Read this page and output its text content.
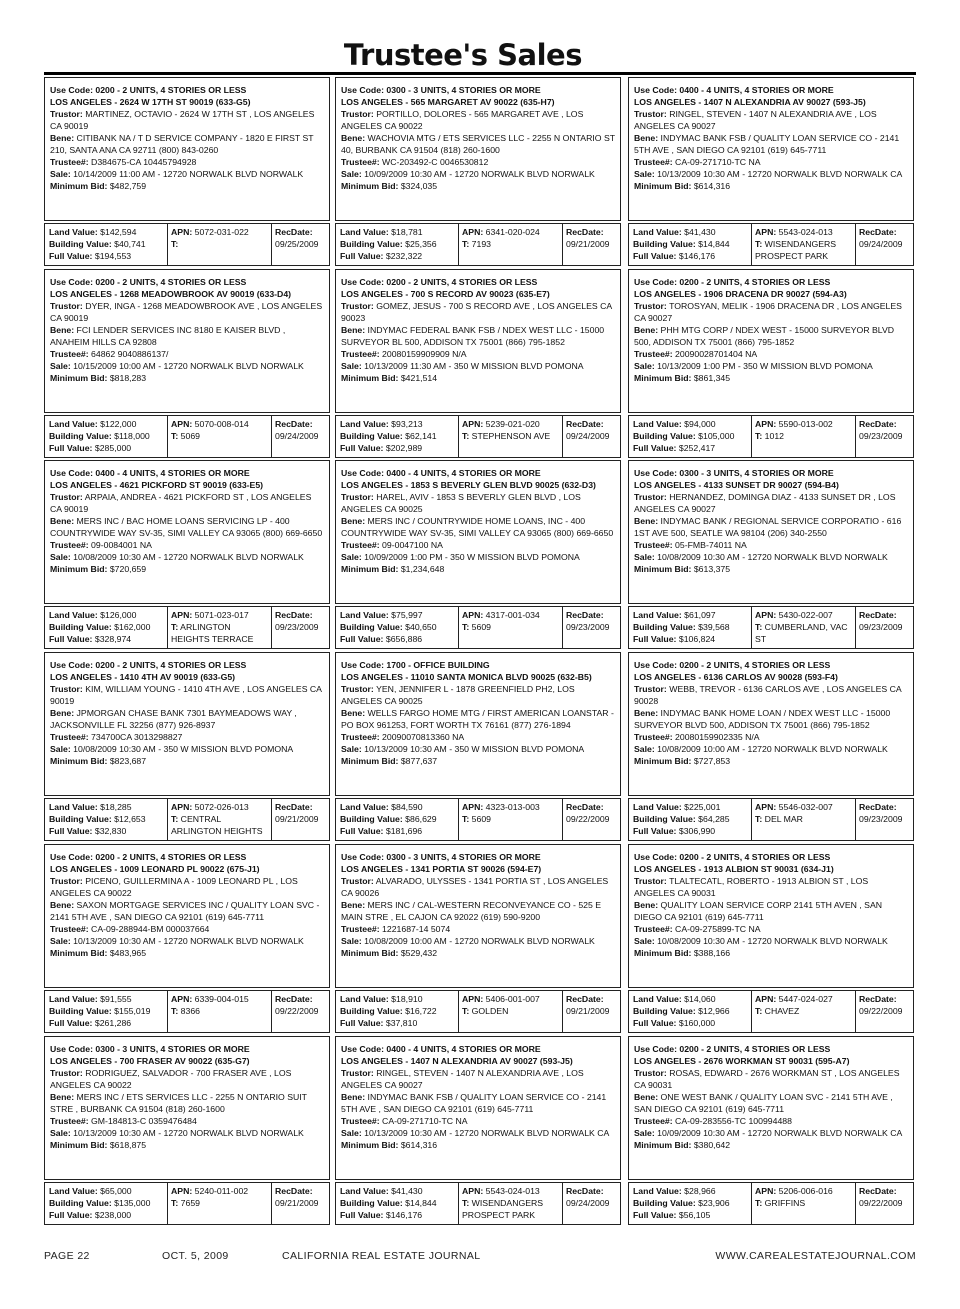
Trustee's Sales
Use Code: 0200 - 2 UNITS, 4 STORIES OR LESS
LOS ANGELES - 2624 W 17TH ST 90019 (633-G5)
Trustor: MARTINEZ, OCTAVIO - 2624 W 17TH ST , LOS ANGELES CA 90019
Bene: CITIBANK NA / T D SERVICE COMPANY - 1820 E FIRST ST 210, SANTA ANA CA 92711 (800) 843-0260
Trustee#: D384675-CA 10445794928
Sale: 10/14/2009 11:00 AM - 12720 NORWALK BLVD NORWALK
Minimum Bid: $482,759
Land Value: $142,594
Building Value: $40,741
Full Value: $194,553
APN: 5072-031-022
T:
RecDate:
09/25/2009
Use Code: 0300 - 3 UNITS, 4 STORIES OR MORE
LOS ANGELES - 565 MARGARET AV 90022 (635-H7)
Trustor: PORTILLO, DOLORES - 565 MARGARET AVE , LOS ANGELES CA 90022
Bene: WACHOVIA MTG / ETS SERVICES LLC - 2255 N ONTARIO ST 40, BURBANK CA 91504 (818) 260-1600
Trustee#: WC-203492-C 0046530812
Sale: 10/09/2009 10:30 AM - 12720 NORWALK BLVD NORWALK
Minimum Bid: $324,035
Land Value: $18,781
Building Value: $25,356
Full Value: $232,322
APN: 6341-020-024
T: 7193
RecDate:
09/21/2009
Use Code: 0400 - 4 UNITS, 4 STORIES OR MORE
LOS ANGELES - 1407 N ALEXANDRIA AV 90027 (593-J5)
Trustor: RINGEL, STEVEN - 1407 N ALEXANDRIA AVE , LOS ANGELES CA 90027
Bene: INDYMAC BANK FSB / QUALITY LOAN SERVICE CO - 2141 5TH AVE , SAN DIEGO CA 92101 (619) 645-7711
Trustee#: CA-09-271710-TC NA
Sale: 10/13/2009 10:30 AM - 12720 NORWALK BLVD NORWALK CA
Minimum Bid: $614,316
Land Value: $41,430
Building Value: $14,844
Full Value: $146,176
APN: 5543-024-013
T: WISENDANGERS PROSPECT PARK
RecDate:
09/24/2009
Use Code: 0200 - 2 UNITS, 4 STORIES OR LESS
LOS ANGELES - 1268 MEADOWBROOK AV 90019 (633-D4)
Trustor: DYER, INGA - 1268 MEADOWBROOK AVE , LOS ANGELES CA 90019
Bene: FCI LENDER SERVICES INC 8180 E KAISER BLVD , ANAHEIM HILLS CA 92808
Trustee#: 64862 9040886137/
Sale: 10/15/2009 10:00 AM - 12720 NORWALK BLVD NORWALK
Minimum Bid: $818,283
Land Value: $122,000
Building Value: $118,000
Full Value: $285,000
APN: 5070-008-014
T: 5069
RecDate:
09/24/2009
Use Code: 0200 - 2 UNITS, 4 STORIES OR LESS
LOS ANGELES - 700 S RECORD AV 90023 (635-E7)
Trustor: GOMEZ, JESUS - 700 S RECORD AVE , LOS ANGELES CA 90023
Bene: INDYMAC FEDERAL BANK FSB / NDEX WEST LLC - 15000 SURVEYOR BL 500, ADDISON TX 75001 (866) 795-1852
Trustee#: 20080159909909 N/A
Sale: 10/13/2009 11:30 AM - 350 W MISSION BLVD POMONA
Minimum Bid: $421,514
Land Value: $93,213
Building Value: $62,141
Full Value: $202,989
APN: 5239-021-020
T: STEPHENSON AVE
RecDate:
09/24/2009
Use Code: 0200 - 2 UNITS, 4 STORIES OR LESS
LOS ANGELES - 1906 DRACENA DR 90027 (594-A3)
Trustor: TOROSYAN, MELIK - 1906 DRACENA DR , LOS ANGELES CA 90027
Bene: PHH MTG CORP / NDEX WEST - 15000 SURVEYOR BLVD 500, ADDISON TX 75001 (866) 795-1852
Trustee#: 20090028701404 NA
Sale: 10/13/2009 1:00 PM - 350 W MISSION BLVD POMONA
Minimum Bid: $861,345
Land Value: $94,000
Building Value: $105,000
Full Value: $252,417
APN: 5590-013-002
T: 1012
RecDate:
09/23/2009
Use Code: 0400 - 4 UNITS, 4 STORIES OR MORE
LOS ANGELES - 4621 PICKFORD ST 90019 (633-E5)
Trustor: ARPAIA, ANDREA - 4621 PICKFORD ST , LOS ANGELES CA 90019
Bene: MERS INC / BAC HOME LOANS SERVICING LP - 400 COUNTRYWIDE WAY SV-35, SIMI VALLEY CA 93065 (800) 669-6650
Trustee#: 09-0084001 NA
Sale: 10/08/2009 10:30 AM - 12720 NORWALK BLVD NORWALK
Minimum Bid: $720,659
Land Value: $126,000
Building Value: $162,000
Full Value: $328,974
APN: 5071-023-017
T: ARLINGTON HEIGHTS TERRACE
RecDate:
09/23/2009
Use Code: 0400 - 4 UNITS, 4 STORIES OR MORE
LOS ANGELES - 1853 S BEVERLY GLEN BLVD 90025 (632-D3)
Trustor: HAREL, AVIV - 1853 S BEVERLY GLEN BLVD , LOS ANGELES CA 90025
Bene: MERS INC / COUNTRYWIDE HOME LOANS, INC - 400 COUNTRYWIDE WAY SV-35, SIMI VALLEY CA 93065 (800) 669-6650
Trustee#: 09-0047100 NA
Sale: 10/09/2009 1:00 PM - 350 W MISSION BLVD POMONA
Minimum Bid: $1,234,648
Land Value: $75,997
Building Value: $40,650
Full Value: $656,886
APN: 4317-001-034
T: 5609
RecDate:
09/23/2009
Use Code: 0300 - 3 UNITS, 4 STORIES OR MORE
LOS ANGELES - 4133 SUNSET DR 90027 (594-B4)
Trustor: HERNANDEZ, DOMINGA DIAZ - 4133 SUNSET DR , LOS ANGELES CA 90027
Bene: INDYMAC BANK / REGIONAL SERVICE CORPORATIO - 616 1ST AVE 500, SEATLE WA 98104 (206) 340-2550
Trustee#: 05-FMB-74011 NA
Sale: 10/08/2009 10:30 AM - 12720 NORWALK BLVD NORWALK
Minimum Bid: $613,375
Land Value: $61,097
Building Value: $39,568
Full Value: $106,824
APN: 5430-022-007
T: CUMBERLAND, VAC ST
RecDate:
09/23/2009
Use Code: 0200 - 2 UNITS, 4 STORIES OR LESS
LOS ANGELES - 1410 4TH AV 90019 (633-G5)
Trustor: KIM, WILLIAM YOUNG - 1410 4TH AVE , LOS ANGELES CA 90019
Bene: JPMORGAN CHASE BANK 7301 BAYMEADOWS WAY , JACKSONVILLE FL 32256 (877) 926-8937
Trustee#: 734700CA 3013298827
Sale: 10/08/2009 10:30 AM - 350 W MISSION BLVD POMONA
Minimum Bid: $823,687
Land Value: $18,285
Building Value: $12,653
Full Value: $32,830
APN: 5072-026-013
T: CENTRAL ARLINGTON HEIGHTS
RecDate:
09/21/2009
Use Code: 1700 - OFFICE BUILDING
LOS ANGELES - 11010 SANTA MONICA BLVD 90025 (632-B5)
Trustor: YEN, JENNIFER L - 1878 GREENFIELD PH2, LOS ANGELES CA 90025
Bene: WELLS FARGO HOME MTG / FIRST AMERICAN LOANSTAR - PO BOX 961253, FORT WORTH TX 76161 (877) 276-1894
Trustee#: 20090070813360 NA
Sale: 10/13/2009 10:30 AM - 350 W MISSION BLVD POMONA
Minimum Bid: $877,637
Land Value: $84,590
Building Value: $86,629
Full Value: $181,696
APN: 4323-013-003
T: 5609
RecDate:
09/22/2009
Use Code: 0200 - 2 UNITS, 4 STORIES OR LESS
LOS ANGELES - 6136 CARLOS AV 90028 (593-F4)
Trustor: WEBB, TREVOR - 6136 CARLOS AVE , LOS ANGELES CA 90028
Bene: INDYMAC BANK HOME LOAN / NDEX WEST LLC - 15000 SURVEYOR BLVD 500, ADDISON TX 75001 (866) 795-1852
Trustee#: 20080159902335 N/A
Sale: 10/08/2009 10:00 AM - 12720 NORWALK BLVD NORWALK
Minimum Bid: $727,853
Land Value: $225,001
Building Value: $64,285
Full Value: $306,990
APN: 5546-032-007
T: DEL MAR
RecDate:
09/23/2009
Use Code: 0200 - 2 UNITS, 4 STORIES OR LESS
LOS ANGELES - 1009 LEONARD PL 90022 (675-J1)
Trustor: PICENO, GUILLERMINA A - 1009 LEONARD PL , LOS ANGELES CA 90022
Bene: SAXON MORTGAGE SERVICES INC / QUALITY LOAN SVC - 2141 5TH AVE , SAN DIEGO CA 92101 (619) 645-7711
Trustee#: CA-09-288944-BM 000037664
Sale: 10/13/2009 10:30 AM - 12720 NORWALK BLVD NORWALK
Minimum Bid: $483,965
Land Value: $91,555
Building Value: $155,019
Full Value: $261,286
APN: 6339-004-015
T: 8366
RecDate:
09/22/2009
Use Code: 0300 - 3 UNITS, 4 STORIES OR MORE
LOS ANGELES - 1341 PORTIA ST 90026 (594-E7)
Trustor: ALVARADO, ULYSSES - 1341 PORTIA ST , LOS ANGELES CA 90026
Bene: MERS INC / CAL-WESTERN RECONVEYANCE CO - 525 E MAIN STRE , EL CAJON CA 92022 (619) 590-9200
Trustee#: 1221687-14 5074
Sale: 10/08/2009 10:00 AM - 12720 NORWALK BLVD NORWALK
Minimum Bid: $529,432
Land Value: $18,910
Building Value: $16,722
Full Value: $37,810
APN: 5406-001-007
T: GOLDEN
RecDate:
09/21/2009
Use Code: 0200 - 2 UNITS, 4 STORIES OR LESS
LOS ANGELES - 1913 ALBION ST 90031 (634-J1)
Trustor: TLALTECATL, ROBERTO - 1913 ALBION ST , LOS ANGELES CA 90031
Bene: QUALITY LOAN SERVICE CORP 2141 5TH AVEN , SAN DIEGO CA 92101 (619) 645-7711
Trustee#: CA-09-275899-TC NA
Sale: 10/08/2009 10:30 AM - 12720 NORWALK BLVD NORWALK
Minimum Bid: $388,166
Land Value: $14,060
Building Value: $12,966
Full Value: $160,000
APN: 5447-024-027
T: CHAVEZ
RecDate:
09/22/2009
Use Code: 0300 - 3 UNITS, 4 STORIES OR MORE
LOS ANGELES - 700 FRASER AV 90022 (635-G7)
Trustor: RODRIGUEZ, SALVADOR - 700 FRASER AVE , LOS ANGELES CA 90022
Bene: MERS INC / ETS SERVICES LLC - 2255 N ONTARIO SUIT STRE , BURBANK CA 91504 (818) 260-1600
Trustee#: GM-184813-C 0359476484
Sale: 10/13/2009 10:30 AM - 12720 NORWALK BLVD NORWALK
Minimum Bid: $618,875
Land Value: $65,000
Building Value: $135,000
Full Value: $238,000
APN: 5240-011-002
T: 7659
RecDate:
09/21/2009
Use Code: 0400 - 4 UNITS, 4 STORIES OR MORE
LOS ANGELES - 1407 N ALEXANDRIA AV 90027 (593-J5)
Trustor: RINGEL, STEVEN - 1407 N ALEXANDRIA AVE , LOS ANGELES CA 90027
Bene: INDYMAC BANK FSB / QUALITY LOAN SERVICE CO - 2141 5TH AVE , SAN DIEGO CA 92101 (619) 645-7711
Trustee#: CA-09-271710-TC NA
Sale: 10/13/2009 10:30 AM - 12720 NORWALK BLVD NORWALK CA
Minimum Bid: $614,316
Land Value: $41,430
Building Value: $14,844
Full Value: $146,176
APN: 5543-024-013
T: WISENDANGERS PROSPECT PARK
RecDate:
09/24/2009
Use Code: 0200 - 2 UNITS, 4 STORIES OR LESS
LOS ANGELES - 2676 WORKMAN ST 90031 (595-A7)
Trustor: ROSAS, EDWARD - 2676 WORKMAN ST , LOS ANGELES CA 90031
Bene: ONE WEST BANK / QUALITY LOAN SVC - 2141 5TH AVE , SAN DIEGO CA 92101 (619) 645-7711
Trustee#: CA-09-283556-TC 100994488
Sale: 10/09/2009 10:30 AM - 12720 NORWALK BLVD NORWALK CA
Minimum Bid: $380,642
Land Value: $28,966
Building Value: $23,906
Full Value: $56,105
APN: 5206-006-016
T: GRIFFINS
RecDate:
09/22/2009
PAGE 22	OCT. 5, 2009	CALIFORNIA REAL ESTATE JOURNAL	WWW.CAREALESTATEJOURNAL.COM
